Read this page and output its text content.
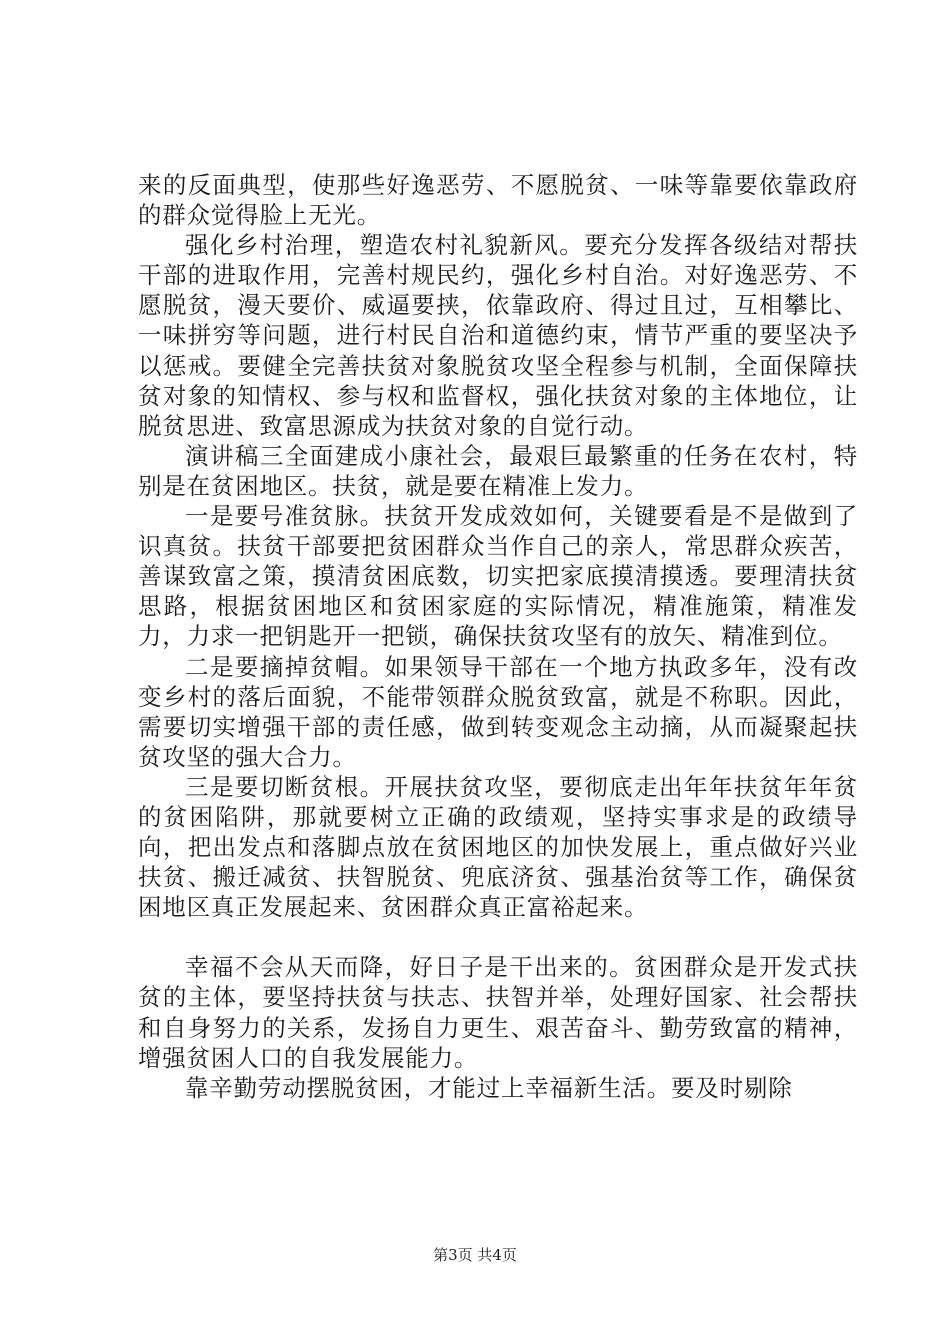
来的反面典型，使那些好逸恶劳、不愿脱贫、一味等靠要依靠政府的群众觉得脸上无光。

强化乡村治理，塑造农村礼貌新风。要充分发挥各级结对帮扶干部的进取作用，完善村规民约，强化乡村自治。对好逸恶劳、不愿脱贫，漫天要价、威逼要挟，依靠政府、得过且过，互相攀比、一味拼穷等问题，进行村民自治和道德约束，情节严重的要坚决予以惩戒。要健全完善扶贫对象脱贫攻坚全程参与机制，全面保障扶贫对象的知情权、参与权和监督权，强化扶贫对象的主体地位，让脱贫思进、致富思源成为扶贫对象的自觉行动。

演讲稿三全面建成小康社会，最艰巨最繁重的任务在农村，特别是在贫困地区。扶贫，就是要在精准上发力。

一是要号准贫脉。扶贫开发成效如何，关键要看是不是做到了识真贫。扶贫干部要把贫困群众当作自己的亲人，常思群众疾苦，善谋致富之策，摸清贫困底数，切实把家底摸清摸透。要理清扶贫思路，根据贫困地区和贫困家庭的实际情况，精准施策，精准发力，力求一把钥匙开一把锁，确保扶贫攻坚有的放矢、精准到位。

二是要摘掉贫帽。如果领导干部在一个地方执政多年，没有改变乡村的落后面貌，不能带领群众脱贫致富，就是不称职。因此，需要切实增强干部的责任感，做到转变观念主动摘，从而凝聚起扶贫攻坚的强大合力。

三是要切断贫根。开展扶贫攻坚，要彻底走出年年扶贫年年贫的贫困陷阱，那就要树立正确的政绩观，坚持实事求是的政绩导向，把出发点和落脚点放在贫困地区的加快发展上，重点做好兴业扶贫、搬迁减贫、扶智脱贫、兜底济贫、强基治贫等工作，确保贫困地区真正发展起来、贫困群众真正富裕起来。

幸福不会从天而降，好日子是干出来的。贫困群众是开发式扶贫的主体，要坚持扶贫与扶志、扶智并举，处理好国家、社会帮扶和自身努力的关系，发扬自力更生、艰苦奋斗、勤劳致富的精神，增强贫困人口的自我发展能力。

靠辛勤劳动摆脱贫困，才能过上幸福新生活。要及时剔除

第3页 共4页
